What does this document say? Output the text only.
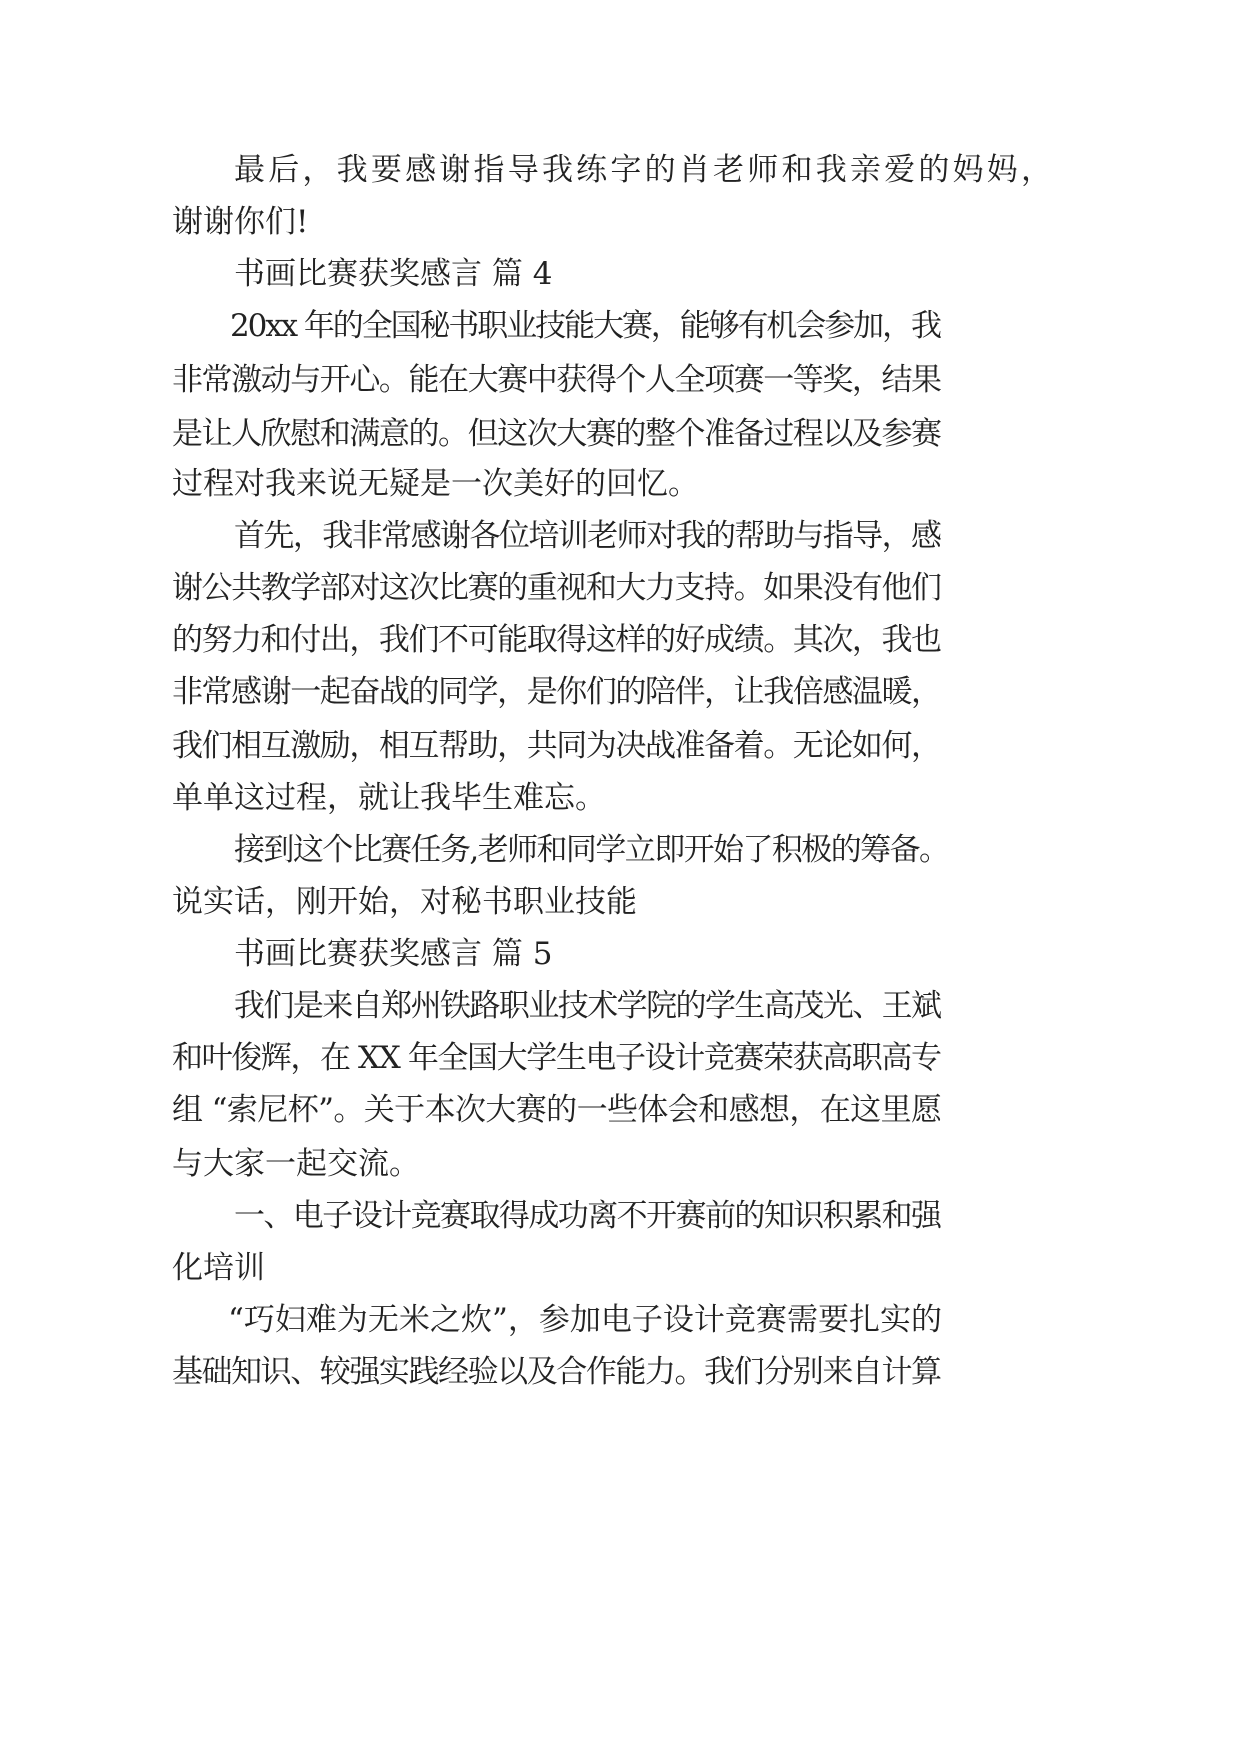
最后，我要感谢指导我练字的肖老师和我亲爱的妈妈，
谢谢你们!
书画比赛获奖感言 篇 4
20xx 年的全国秘书职业技能大赛，能够有机会参加，我
非常激动与开心。能在大赛中获得个人全项赛一等奖，结果
是让人欣慰和满意的。但这次大赛的整个准备过程以及参赛
过程对我来说无疑是一次美好的回忆。
首先，我非常感谢各位培训老师对我的帮助与指导，感
谢公共教学部对这次比赛的重视和大力支持。如果没有他们
的努力和付出，我们不可能取得这样的好成绩。其次，我也
非常感谢一起奋战的同学，是你们的陪伴，让我倍感温暖，
我们相互激励，相互帮助，共同为决战准备着。无论如何，
单单这过程，就让我毕生难忘。
接到这个比赛任务,老师和同学立即开始了积极的筹备。
说实话，刚开始，对秘书职业技能
书画比赛获奖感言 篇 5
我们是来自郑州铁路职业技术学院的学生高茂光、王斌
和叶俊辉，在 XX 年全国大学生电子设计竞赛荣获高职高专
组 “索尼杯”。关于本次大赛的一些体会和感想，在这里愿
与大家一起交流。
一、电子设计竞赛取得成功离不开赛前的知识积累和强
化培训
“巧妇难为无米之炊”，参加电子设计竞赛需要扎实的
基础知识、较强实践经验以及合作能力。我们分别来自计算
